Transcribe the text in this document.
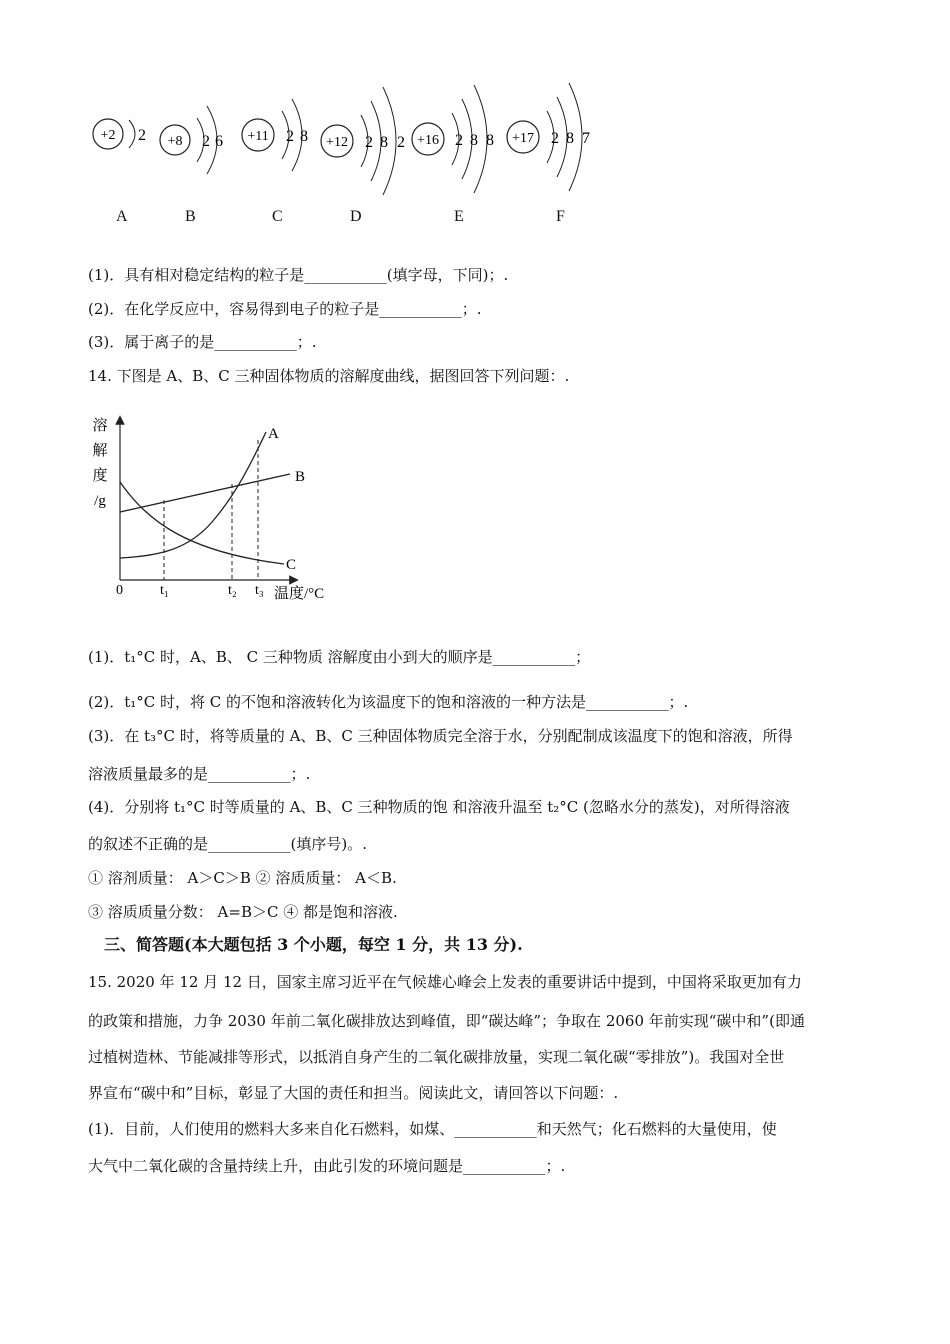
+2 2 +8 2 6 +11 2 8 +12 2 8 2 +16 2 8 8 +17 2 8 7
A	B	C	D	E	F
(1)．具有相对稳定结构的粒子是___________(填字母，下同)；.
(2)．在化学反应中，容易得到电子的粒子是___________；.
(3)．属于离子的是___________；.
14. 下图是 A、B、C 三种固体物质的溶解度曲线，据图回答下列问题：.
溶解度/g
A
B
C
0	t₁	t₂ t₃ 温度/°C
(1)．t₁°C 时，A、B、 C 三种物质 溶解度由小到大的顺序是___________；
(2)．t₁°C 时，将 C 的不饱和溶液转化为该温度下的饱和溶液的一种方法是___________；.
(3)．在 t₃°C 时，将等质量的 A、B、C 三种固体物质完全溶于水，分别配制成该温度下的饱和溶液，所得
溶液质量最多的是___________；.
(4)．分别将 t₁°C 时等质量的 A、B、C 三种物质的饱 和溶液升温至 t₂°C (忽略水分的蒸发)，对所得溶液
的叙述不正确的是___________(填序号)。.
① 溶剂质量： A＞C＞B ② 溶质质量： A＜B.
③ 溶质质量分数： A=B＞C ④ 都是饱和溶液.
三、简答题(本大题包括 3 个小题，每空 1 分，共 13 分).
15. 2020 年 12 月 12 日，国家主席习近平在气候雄心峰会上发表的重要讲话中提到，中国将采取更加有力
的政策和措施，力争 2030 年前二氧化碳排放达到峰值，即“碳达峰”；争取在 2060 年前实现“碳中和”(即通
过植树造林、节能减排等形式，以抵消自身产生的二氧化碳排放量，实现二氧化碳“零排放”)。我国对全世
界宣布“碳中和”目标，彰显了大国的责任和担当。阅读此文，请回答以下问题：.
(1)．目前，人们使用的燃料大多来自化石燃料，如煤、___________和天然气；化石燃料的大量使用，使
大气中二氧化碳的含量持续上升，由此引发的环境问题是___________；.
